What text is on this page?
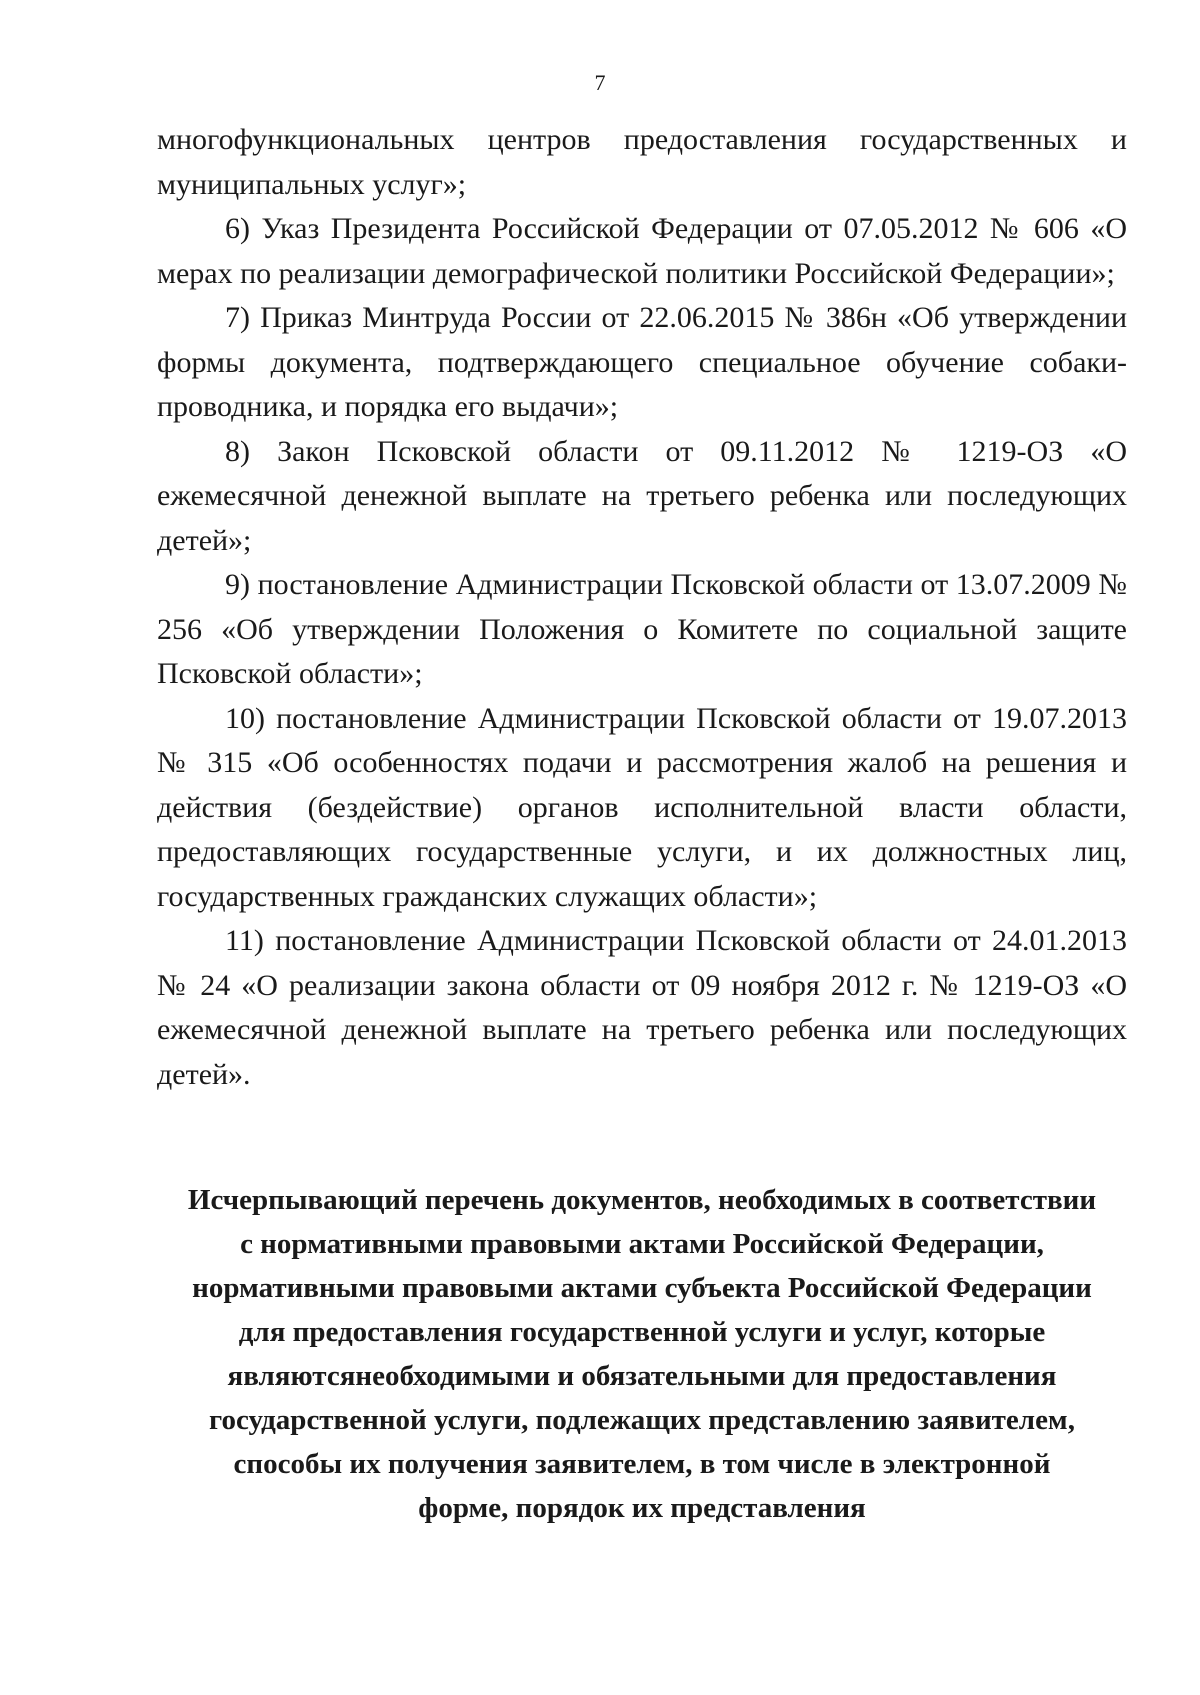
7

многофункциональных центров предоставления государственных и муниципальных услуг»;

6) Указ Президента Российской Федерации от 07.05.2012 № 606 «О мерах по реализации демографической политики Российской Федерации»;

7) Приказ Минтруда России от 22.06.2015 № 386н «Об утверждении формы документа, подтверждающего специальное обучение собаки-проводника, и порядка его выдачи»;

8) Закон Псковской области от 09.11.2012 № 1219-ОЗ «О ежемесячной денежной выплате на третьего ребенка или последующих детей»;

9) постановление Администрации Псковской области от 13.07.2009 № 256 «Об утверждении Положения о Комитете по социальной защите Псковской области»;

10) постановление Администрации Псковской области от 19.07.2013 № 315 «Об особенностях подачи и рассмотрения жалоб на решения и действия (бездействие) органов исполнительной власти области, предоставляющих государственные услуги, и их должностных лиц, государственных гражданских служащих области»;

11) постановление Администрации Псковской области от 24.01.2013 № 24 «О реализации закона области от 09 ноября 2012 г. № 1219-ОЗ «О ежемесячной денежной выплате на третьего ребенка или последующих детей».

Исчерпывающий перечень документов, необходимых в соответствии
с нормативными правовыми актами Российской Федерации,
нормативными правовыми актами субъекта Российской Федерации
для предоставления государственной услуги и услуг, которые
являютсянеобходимыми и обязательными для предоставления
государственной услуги, подлежащих представлению заявителем,
способы их получения заявителем, в том числе в электронной
форме, порядок их представления
